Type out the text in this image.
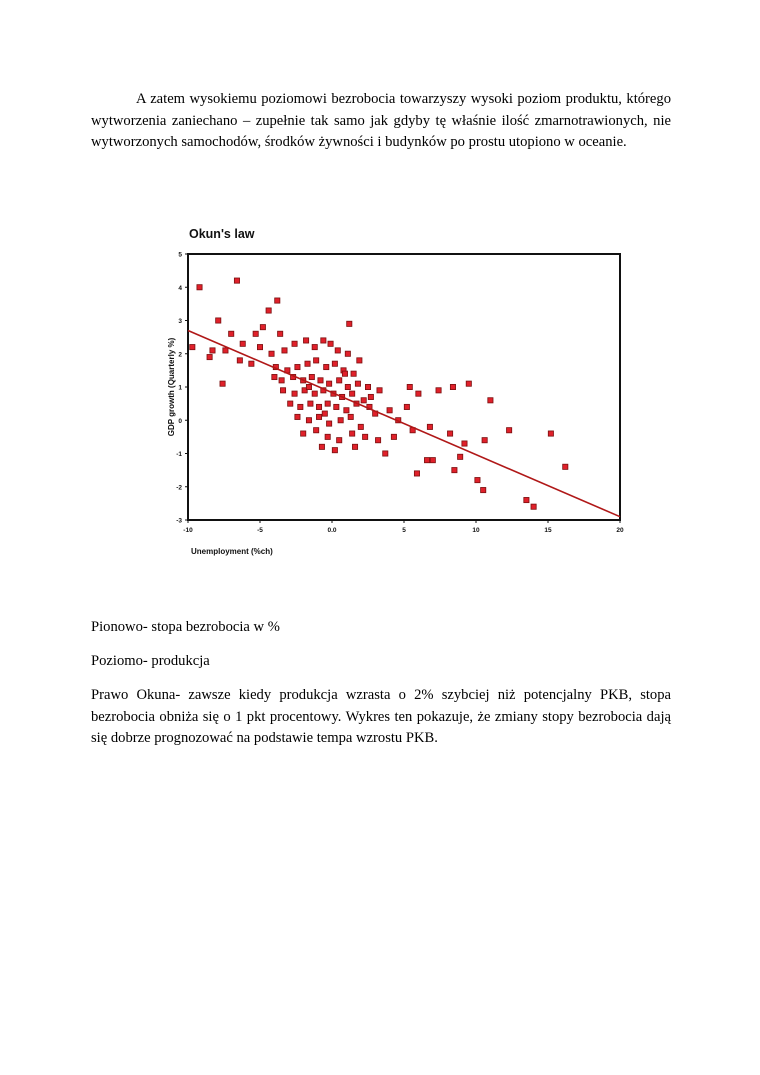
A zatem wysokiemu poziomowi bezrobocia towarzyszy wysoki poziom produktu, którego wytworzenia zaniechano – zupełnie tak samo jak gdyby tę właśnie ilość zmarnotrawionych, nie wytworzonych samochodów, środków żywności i budynków po prostu utopiono w oceanie.

Okun's law
5
4
3
2
1
0
-1
-2
-3
-10	-5	0.0	5	10	15	20
Unemployment (%ch)
GDP growth (Quarterly %)

Pionowo- stopa bezrobocia w %

Poziomo- produkcja

Prawo Okuna- zawsze kiedy produkcja wzrasta o 2% szybciej niż potencjalny PKB, stopa bezrobocia obniża się o 1 pkt procentowy. Wykres ten pokazuje, że zmiany stopy bezrobocia dają się dobrze prognozować na podstawie tempa wzrostu PKB.
